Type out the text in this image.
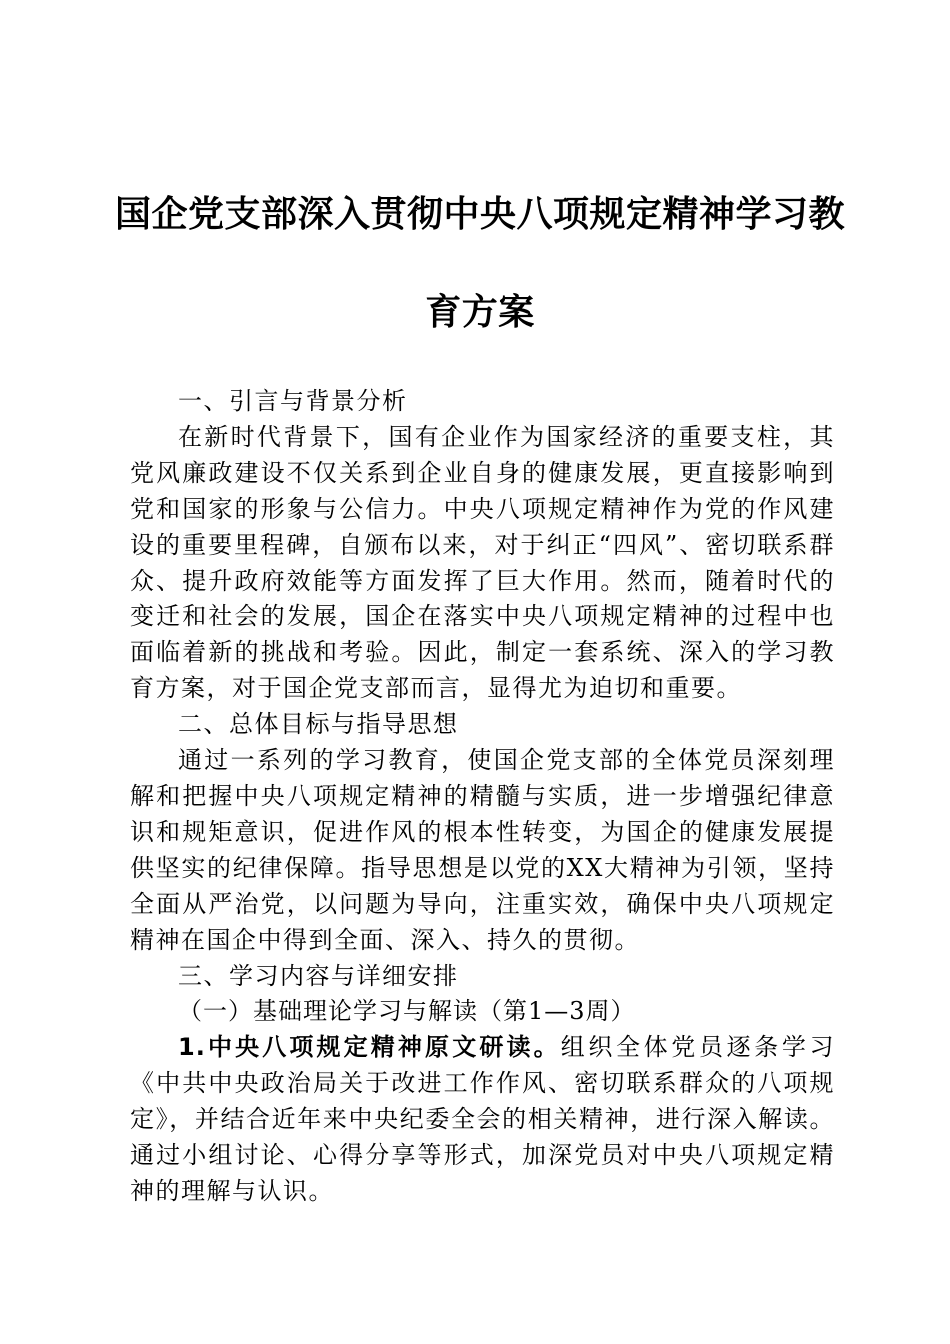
国企党支部深入贯彻中央八项规定精神学习教
育方案

一、引言与背景分析

在新时代背景下，国有企业作为国家经济的重要支柱，其党风廉政建设不仅关系到企业自身的健康发展，更直接影响到党和国家的形象与公信力。中央八项规定精神作为党的作风建设的重要里程碑，自颁布以来，对于纠正“四风”、密切联系群众、提升政府效能等方面发挥了巨大作用。然而，随着时代的变迁和社会的发展，国企在落实中央八项规定精神的过程中也面临着新的挑战和考验。因此，制定一套系统、深入的学习教育方案，对于国企党支部而言，显得尤为迫切和重要。

二、总体目标与指导思想

通过一系列的学习教育，使国企党支部的全体党员深刻理解和把握中央八项规定精神的精髓与实质，进一步增强纪律意识和规矩意识，促进作风的根本性转变，为国企的健康发展提供坚实的纪律保障。指导思想是以党的XX大精神为引领，坚持全面从严治党，以问题为导向，注重实效，确保中央八项规定精神在国企中得到全面、深入、持久的贯彻。

三、学习内容与详细安排

（一）基础理论学习与解读（第1—3周）

1.中央八项规定精神原文研读。组织全体党员逐条学习《中共中央政治局关于改进工作作风、密切联系群众的八项规定》，并结合近年来中央纪委全会的相关精神，进行深入解读。通过小组讨论、心得分享等形式，加深党员对中央八项规定精神的理解与认识。
